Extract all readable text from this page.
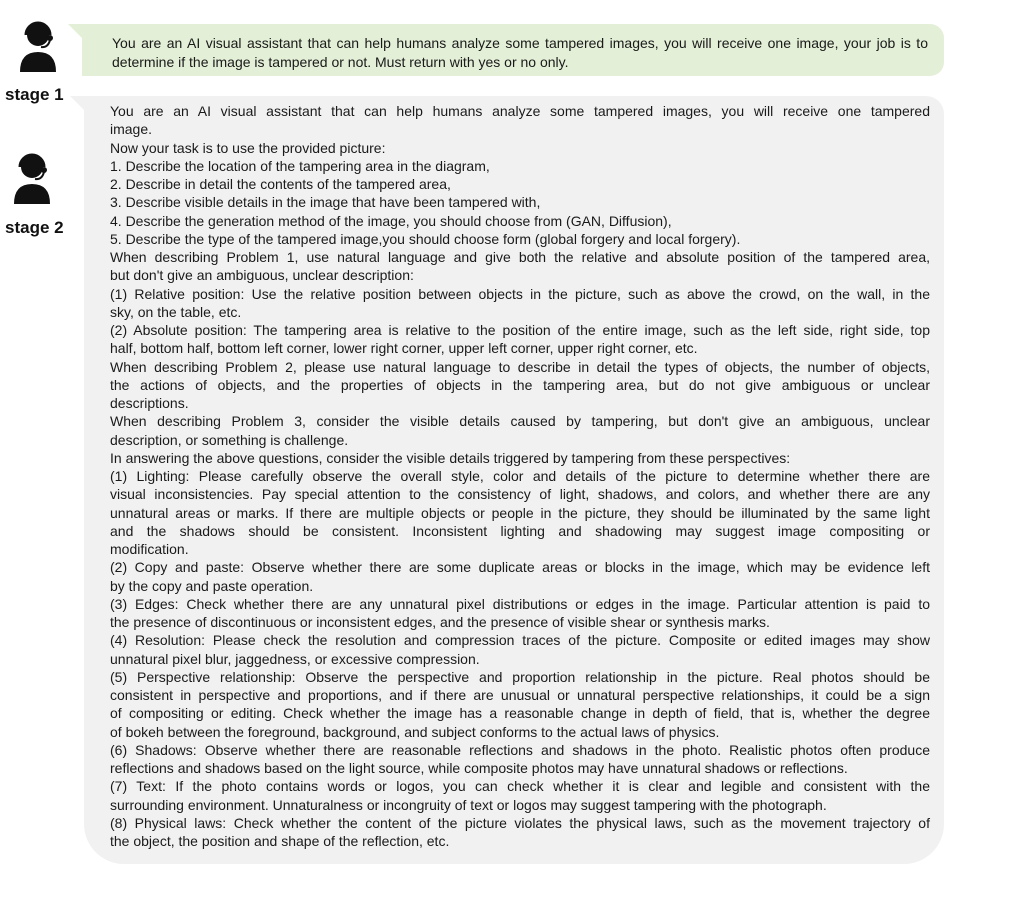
stage 1
You are an AI visual assistant that can help humans analyze some tampered images, you will receive one image, your job is to determine if the image is tampered or not. Must return with yes or no only.
stage 2
You are an AI visual assistant that can help humans analyze some tampered images, you will receive one tampered
image.
Now your task is to use the provided picture:
1. Describe the location of the tampering area in the diagram,
2. Describe in detail the contents of the tampered area,
3. Describe visible details in the image that have been tampered with,
4. Describe the generation method of the image, you should choose from (GAN, Diffusion),
5. Describe the type of the tampered image,you should choose form (global forgery and local forgery).
When describing Problem 1, use natural language and give both the relative and absolute position of the tampered area,
but don't give an ambiguous, unclear description:
(1) Relative position: Use the relative position between objects in the picture, such as above the crowd, on the wall, in the
sky, on the table, etc.
(2) Absolute position: The tampering area is relative to the position of the entire image, such as the left side, right side, top
half, bottom half, bottom left corner, lower right corner, upper left corner, upper right corner, etc.
When describing Problem 2, please use natural language to describe in detail the types of objects, the number of objects,
the actions of objects, and the properties of objects in the tampering area, but do not give ambiguous or unclear
descriptions.
When describing Problem 3, consider the visible details caused by tampering, but don't give an ambiguous, unclear
description, or something is challenge.
In answering the above questions, consider the visible details triggered by tampering from these perspectives:
(1) Lighting: Please carefully observe the overall style, color and details of the picture to determine whether there are
visual inconsistencies. Pay special attention to the consistency of light, shadows, and colors, and whether there are any
unnatural areas or marks. If there are multiple objects or people in the picture, they should be illuminated by the same light
and the shadows should be consistent. Inconsistent lighting and shadowing may suggest image compositing or
modification.
(2) Copy and paste: Observe whether there are some duplicate areas or blocks in the image, which may be evidence left
by the copy and paste operation.
(3) Edges: Check whether there are any unnatural pixel distributions or edges in the image. Particular attention is paid to
the presence of discontinuous or inconsistent edges, and the presence of visible shear or synthesis marks.
(4) Resolution: Please check the resolution and compression traces of the picture. Composite or edited images may show
unnatural pixel blur, jaggedness, or excessive compression.
(5) Perspective relationship: Observe the perspective and proportion relationship in the picture. Real photos should be
consistent in perspective and proportions, and if there are unusual or unnatural perspective relationships, it could be a sign
of compositing or editing. Check whether the image has a reasonable change in depth of field, that is, whether the degree
of bokeh between the foreground, background, and subject conforms to the actual laws of physics.
(6) Shadows: Observe whether there are reasonable reflections and shadows in the photo. Realistic photos often produce
reflections and shadows based on the light source, while composite photos may have unnatural shadows or reflections.
(7) Text: If the photo contains words or logos, you can check whether it is clear and legible and consistent with the
surrounding environment. Unnaturalness or incongruity of text or logos may suggest tampering with the photograph.
(8) Physical laws: Check whether the content of the picture violates the physical laws, such as the movement trajectory of
the object, the position and shape of the reflection, etc.
